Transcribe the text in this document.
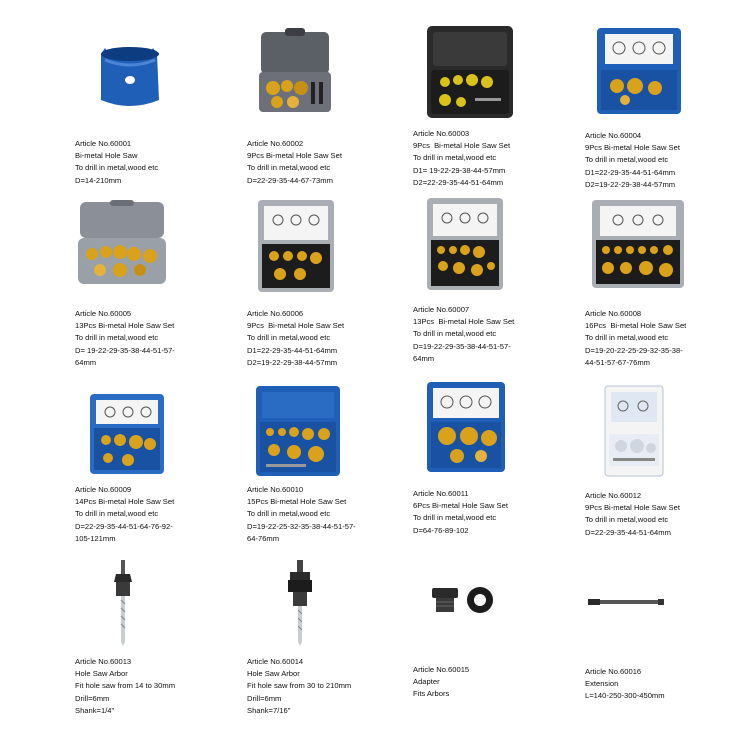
Article No.60001
Bi-metal Hole Saw
To drill in metal,wood etc
D=14-210mm
Article No.60002
9Pcs Bi-metal Hole Saw Set
To drill in metal,wood etc
D=22-29-35-44-67-73mm
Article No.60003
9Pcs  Bi-metal Hole Saw Set
To drill in metal,wood etc
D1= 19-22-29-38-44-57mm
D2=22-29-35-44-51-64mm
Article No.60004
9Pcs Bi-metal Hole Saw Set
To drill in metal,wood etc
D1=22-29-35-44-51-64mm
D2=19-22-29-38-44-57mm
Article No.60005
13Pcs Bi-metal Hole Saw Set
To drill in metal,wood etc
D= 19-22-29-35-38-44-51-57-
64mm
Article No.60006
9Pcs  Bi-metal Hole Saw Set
To drill in metal,wood etc
D1=22-29-35-44-51-64mm
D2=19-22-29-38-44-57mm
Article No.60007
13Pcs  Bi-metal Hole Saw Set
To drill in metal,wood etc
D=19-22-29-35-38-44-51-57-
64mm
Article No.60008
16Pcs  Bi-metal Hole Saw Set
To drill in metal,wood etc
D=19-20-22-25-29-32-35-38-
44-51-57-67-76mm
Article No.60009
14Pcs Bi-metal Hole Saw Set
To drill in metal,wood etc
D=22-29-35-44-51-64-76-92-
105-121mm
Article No.60010
15Pcs Bi-metal Hole Saw Set
To drill in metal,wood etc
D=19-22-25-32-35-38-44-51-57-
64-76mm
Article No.60011
6Pcs Bi-metal Hole Saw Set
To drill in metal,wood etc
D=64-76-89-102
Article No.60012
9Pcs Bi-metal Hole Saw Set
To drill in metal,wood etc
D=22-29-35-44-51-64mm
Article No.60013
Hole Saw Arbor
Fit hole saw from 14 to 30mm
Drill=6mm
Shank=1/4"
Article No.60014
Hole Saw Arbor
Fit hole saw from 30 to 210mm
Drill=6mm
Shank=7/16"
Article No.60015
Adapter
Fits Arbors
Article No.60016
Extension
L=140-250-300-450mm
